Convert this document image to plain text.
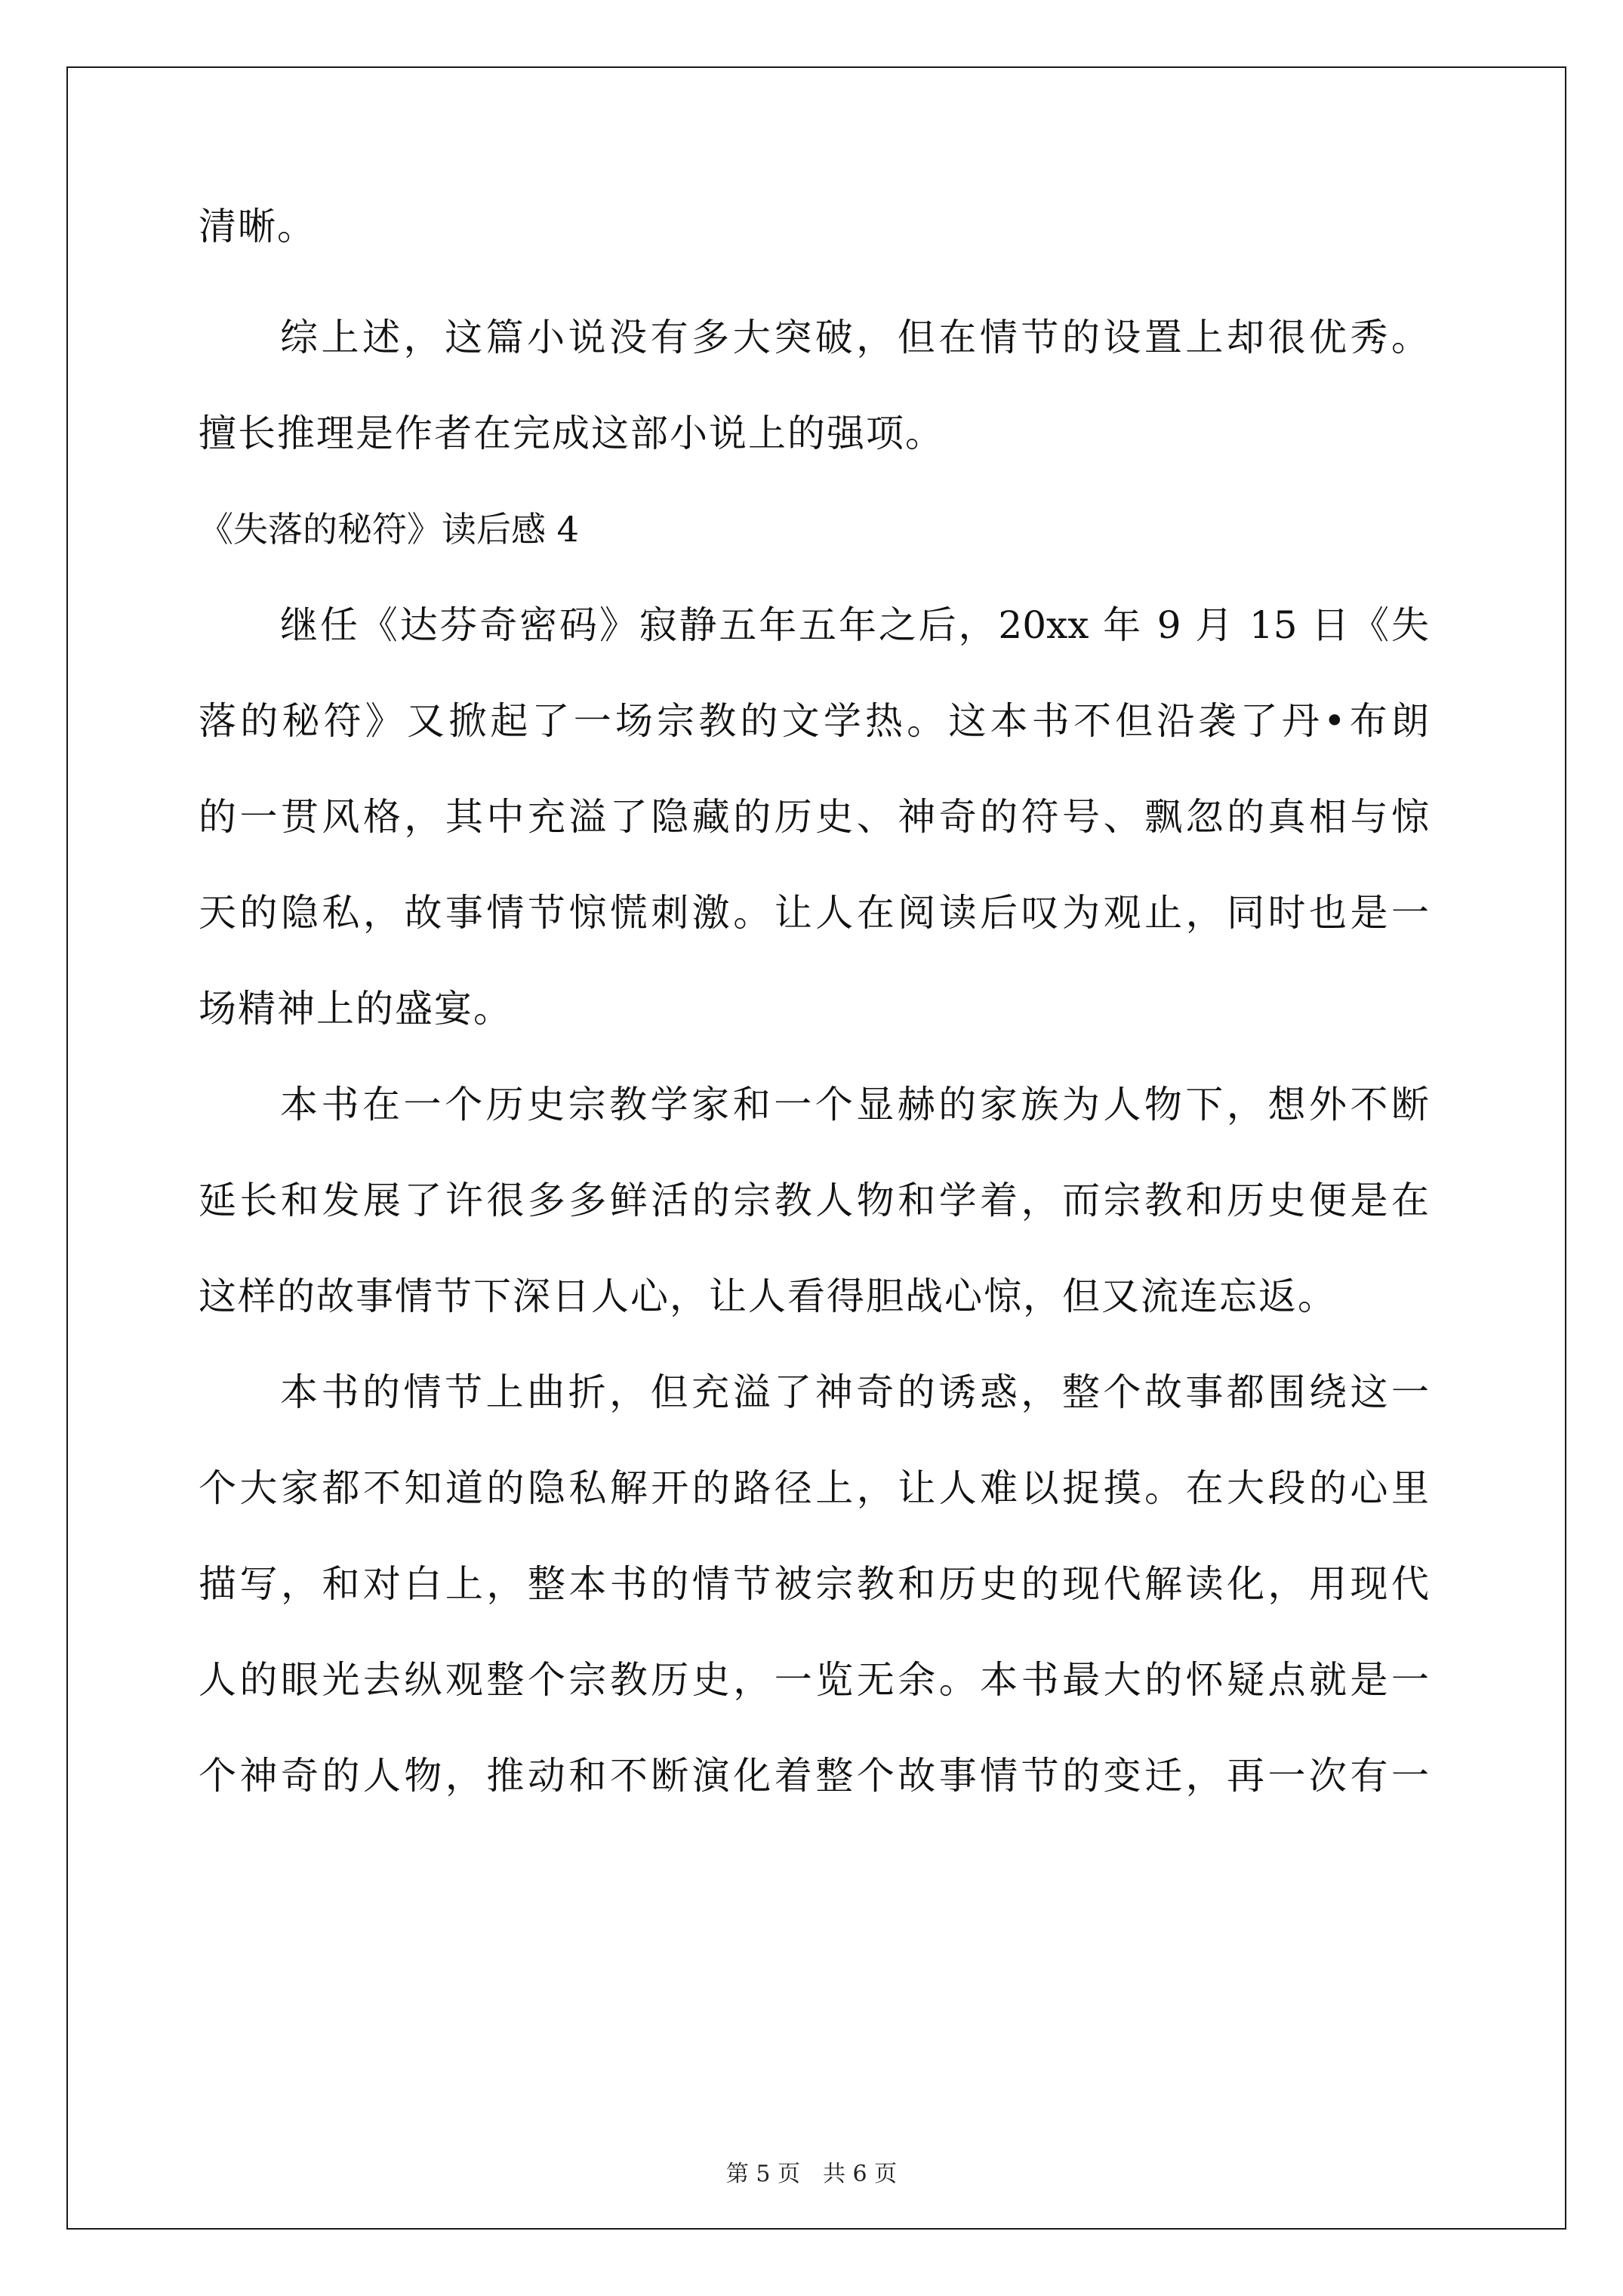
清晰。
综上述，这篇小说没有多大突破，但在情节的设置上却很优秀。
擅长推理是作者在完成这部小说上的强项。
《失落的秘符》读后感 4
继任《达芬奇密码》寂静五年五年之后，20xx 年 9 月 15 日《失
落的秘符》又掀起了一场宗教的文学热。这本书不但沿袭了丹•布朗
的一贯风格，其中充溢了隐藏的历史、神奇的符号、飘忽的真相与惊
天的隐私，故事情节惊慌刺激。让人在阅读后叹为观止，同时也是一
场精神上的盛宴。
本书在一个历史宗教学家和一个显赫的家族为人物下，想外不断
延长和发展了许很多多鲜活的宗教人物和学着，而宗教和历史便是在
这样的故事情节下深日人心，让人看得胆战心惊，但又流连忘返。
本书的情节上曲折，但充溢了神奇的诱惑，整个故事都围绕这一
个大家都不知道的隐私解开的路径上，让人难以捉摸。在大段的心里
描写，和对白上，整本书的情节被宗教和历史的现代解读化，用现代
人的眼光去纵观整个宗教历史，一览无余。本书最大的怀疑点就是一
个神奇的人物，推动和不断演化着整个故事情节的变迁，再一次有一
第 5 页　共 6 页
